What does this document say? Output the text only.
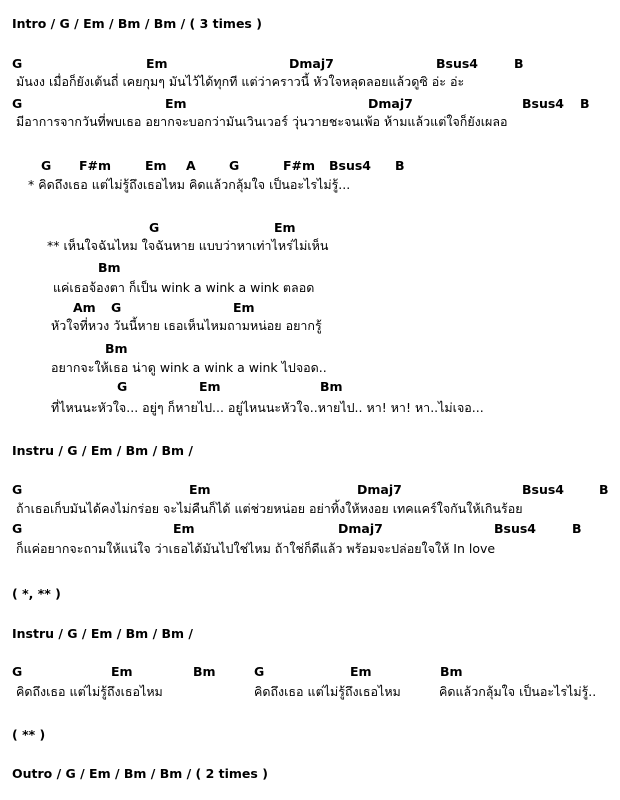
Intro / G / Em / Bm / Bm / ( 3 times )
G	Em	Dmaj7	Bsus4	B
มันงง เมื่อก็ยังเต้นถี่ เคยกุมๆ มันไว้ได้ทุกที แต่ว่าคราวนี้ หัวใจหลุดลอยแล้วดูซิ อ่ะ อ่ะ
G	Em	Dmaj7	Bsus4 B
มีอาการจากวันที่พบเธอ อยากจะบอกว่ามันเวินเวอร์ วุ่นวายชะจนเพ้อ ห้ามแล้วแต่ใจก็ยังเผลอ
G F#m	Em A	G	F#m Bsus4 B
* คิดถึงเธอ แต่ไม่รู้ถึงเธอไหม คิดแล้วกลุ้มใจ เป็นอะไรไม่รู้...
G	Em
** เห็นใจฉันไหม ใจฉันหาย แบบว่าหาเท่าไหร่ไม่เห็น
Bm
แค่เธอจ้องตา ก็เป็น wink a wink a wink ตลอด
Am G	Em
หัวใจที่หวง วันนี้หาย เธอเห็นไหมถามหน่อย อยากรู้
Bm
อยากจะให้เธอ น่าดู wink a wink a wink ไปจอด..
G	Em	Bm
ที่ไหนนะหัวใจ... อยู่ๆ ก็หายไป... อยู่ไหนนะหัวใจ..หายไป.. หา! หา! หา..ไม่เจอ...
Instru / G / Em / Bm / Bm /
G	Em	Dmaj7	Bsus4	B
ถ้าเธอเก็บมันได้คงไม่กร่อย จะไม่คืนก็ได้ แต่ช่วยหน่อย อย่าทิ้งให้หงอย เทคแคร์ใจกันให้เกินร้อย
G	Em	Dmaj7	Bsus4	B
ก็แค่อยากจะถามให้แน่ใจ ว่าเธอได้มันไปใช่ไหม ถ้าใช่ก็ดีแล้ว พร้อมจะปล่อยใจให้ In love
( *, ** )
Instru / G / Em / Bm / Bm /
G	Em	Bm	G	Em	Bm
คิดถึงเธอ แต่ไม่รู้ถึงเธอไหม	คิดถึงเธอ แต่ไม่รู้ถึงเธอไหม	คิดแล้วกลุ้มใจ เป็นอะไรไม่รู้..
( ** )
Outro / G / Em / Bm / Bm / ( 2 times )
